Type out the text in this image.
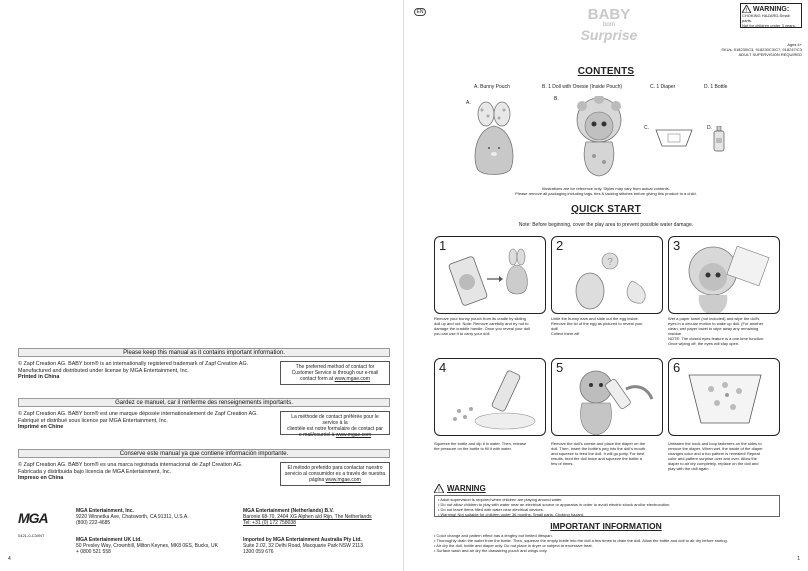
Please keep this manual as it contains important information.
© Zapf Creation AG. BABY born® is an internationally registered trademark of Zapf Creation AG.
Manufactured and distributed under license by MGA Entertainment, Inc.
Printed in China
The preferred method of contact for
Customer Service is through our e-mail
contact form at www.mgae.com
Gardez ce manuel, car il renferme des renseignements importants.
© Zapf Creation AG. BABY born® est une marque déposée internationalement de Zapf Creation AG.
Fabriqué et distribué sous licence par MGA Entertainment, Inc.
Imprimé en Chine
La méthode de contact préférée pour le service à la
clientèle est notre formulaire de contact par
e-mail/courriel à www.mgae.com
Conserve este manual ya que contiene información importante.
© Zapf Creation AG. BABY born® es una marca registrada internacional de Zapf Creation AG.
Fabricada y distribuida bajo licencia de MGA Entertainment, Inc.
Impreso en China
El método preferido para contactar nuestro
servicio al consumidor es a través de nuestra
página www.mgae.com
MGA
0421-0-C3/INT
MGA Entertainment, Inc.
9220 Winnetka Ave, Chatsworth, CA 91311, U.S.A.
(800) 222-4685
MGA Entertainment (Netherlands) B.V.
Baronie 68-70, 2404 XG Alphen a/d Rijn, The Netherlands
Tel: +31 (0) 172 758038
MGA Entertainment UK Ltd.
50 Presley Way, Crownhill, Milton Keynes, MK8 0ES, Bucks, UK
+ 0800 521 558
Imported by MGA Entertainment Australia Pty Ltd.
Suite 2.02, 32 Delhi Road, Macquarie Park NSW 2113
1300 059 676
4
EN	BABY
born
Surprise
! WARNING:
CHOKING HAZARD-Small parts.
Not for children under 3 years.
Ages 4+
SKUs: 918230/C3, 918230C3/C7, 918247/C3
ADULT SUPERVISION REQUIRED
CONTENTS
A. Bunny Pouch	B. 1 Doll with Onesie (Inside Pouch)	C. 1 Diaper	D. 1 Bottle
A.
B.
C.	D.
Illustrations are for reference only. Styles may vary from actual contents.
Please remove all packaging including tags, ties & tacking stitches before giving this product to a child.
QUICK START
Note: Before beginning, cover the play area to prevent possible water damage.
1	2
?
3
Remove your bunny pouch from its cradle by sliding
doll up and out. Note: Remove carefully and try not to
damage the craddle handle. Once you reveal your doll
you can use it to carry your doll.
Untie the bunny ears and slide out the egg inside.
Remove the lid of the egg as pictured to reveal your
doll!
Collect them all!
Wet a paper towel (not included) and wipe the doll's
eyes in a circular motion to wake up doll. (For another
clean, wet paper towel to wipe away any remaining
residue.
NOTE: The closed eyes feature is a one-time function.
Once wiping off, the eyes will stay open.
4	5	6
Squeeze the bottle and dip it in water. Then, release
the pressure on the bottle to fill it with water.
Remove the doll's onesie and place the diaper on the
doll. Then, insert the bottle's peg into the doll's mouth
and squeeze to feed the doll. It will go potty. For best
results, feed the doll twice and squeeze the bottle a
few of times.
Unfasten the hook and loop fasteners on the sides to
remove the diaper. When wet, the inside of the diaper
changes color and a fun pattern is revealed! Repeat
color and pattern surprise over and over. Allow the
diaper to air dry completely, replace on the doll and
play with the doll again.
! WARNING
• Adult supervision is required when children are playing around water.
• Do not allow children to play with water near an electrical source or apparatus in order to avoid electric shock and/or electrocution.
• Do not leave items filled with water near electrical devices.
• Warning! Not suitable for children under 36 months. Small parts. Choking hazard.
IMPORTANT INFORMATION
• Color change and pattern effect has a lengthy but limited lifespan.
• Thoroughly drain the water from the bottle. Then, squeeze the empty bottle into the doll a few times to drain the doll. Allow the bottle and doll to air dry before storing.
• Air dry the doll, bottle and diaper only. Do not place in dryer or subject to excessive heat.
• Surface wash and air dry the drawstring pouch and wings only.
1
